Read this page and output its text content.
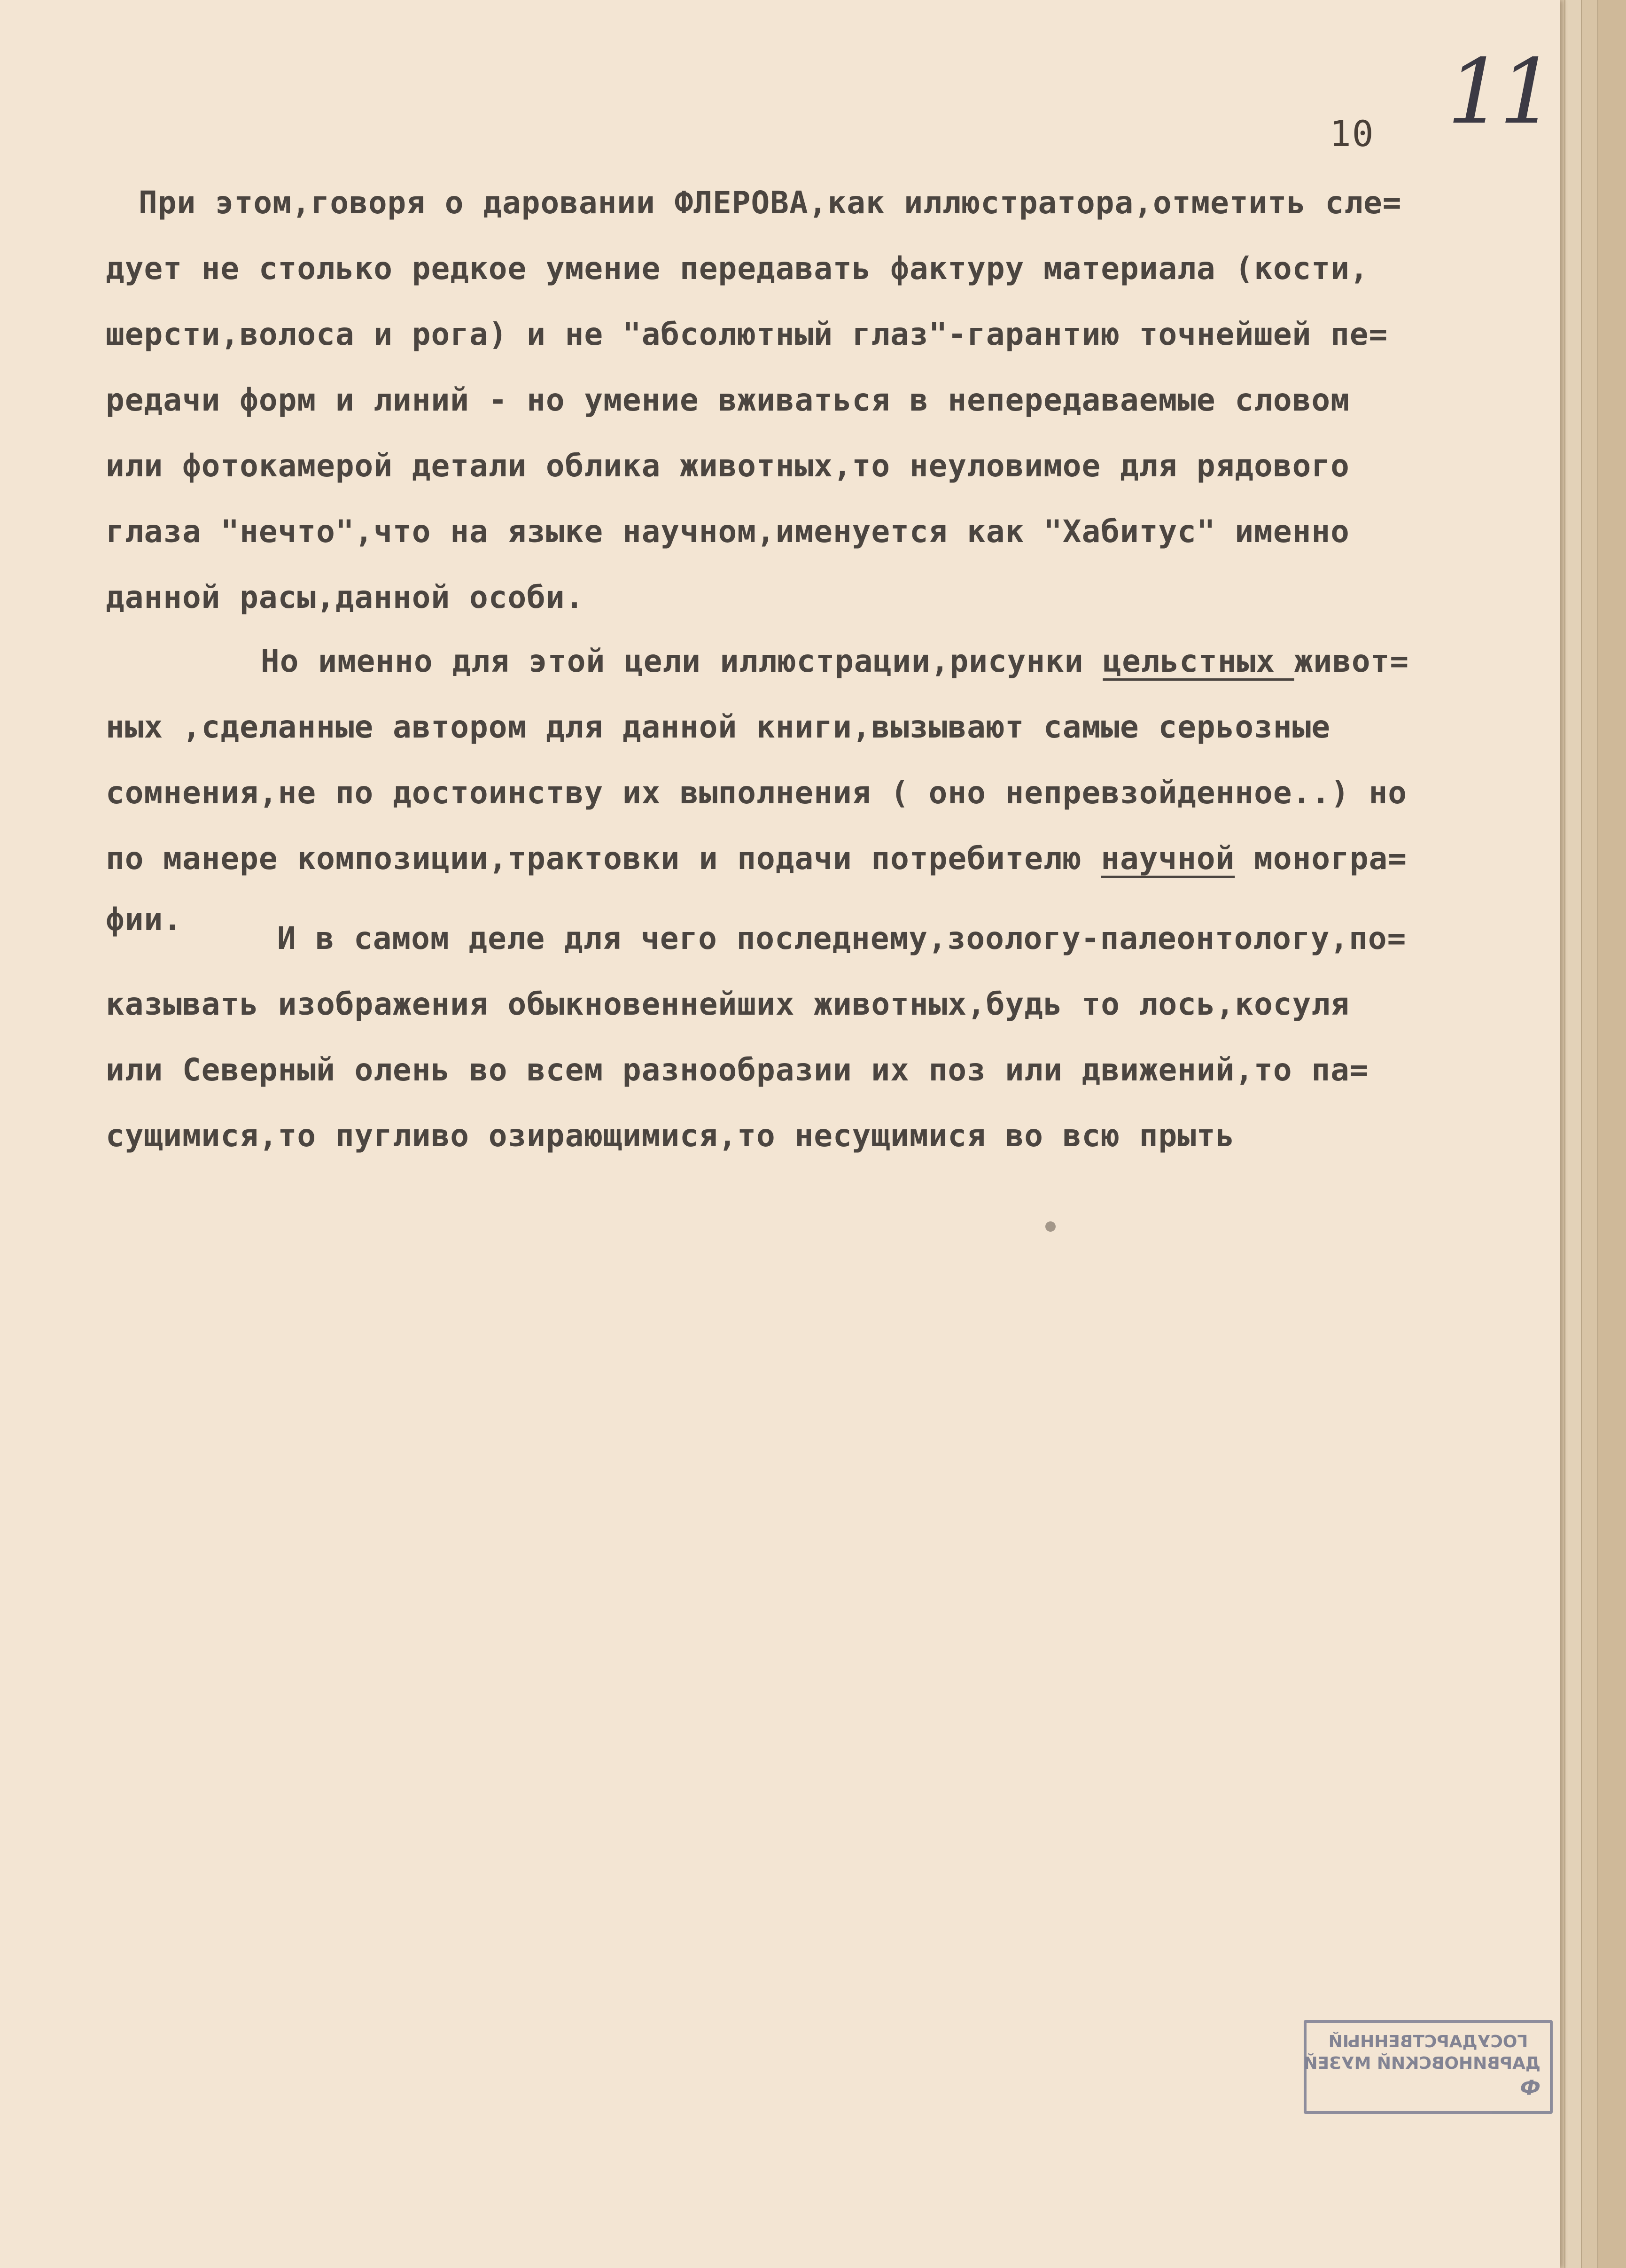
11
10
При этом,говоря о даровании ФЛЕРОВА,как иллюстратора,отметить сле=
дует не столько редкое умение передавать фактуру материала (кости,
шерсти,волоса и рога) и не "абсолютный глаз"-гарантию точнейшей пе=
редачи форм и линий - но умение вживаться в непередаваемые словом
или фотокамерой детали облика животных,то неуловимое для рядового
глаза "нечто",что на языке научном,именуется как "Хабитус" именно
данной расы,данной особи.
Но именно для этой цели иллюстрации,рисунки цельстных живот=
ных ,сделанные автором для данной книги,вызывают самые серьозные
сомнения,не по достоинству их выполнения ( оно непревзойденное..) но
по манере композиции,трактовки и подачи потребителю научной моногра=
фии.
И в самом деле для чего последнему,зоологу-палеонтологу,по=
казывать изображения обыкновеннейших животных,будь то лось,косуля
или Северный олень во всем разнообразии их поз или движений,то па=
сущимися,то пугливо озирающимися,то несущимися во всю прыть
ГОСУДАРСТВЕННЫЙ
ДАРВИНОВСКИЙ МУЗЕЙ
Ф
